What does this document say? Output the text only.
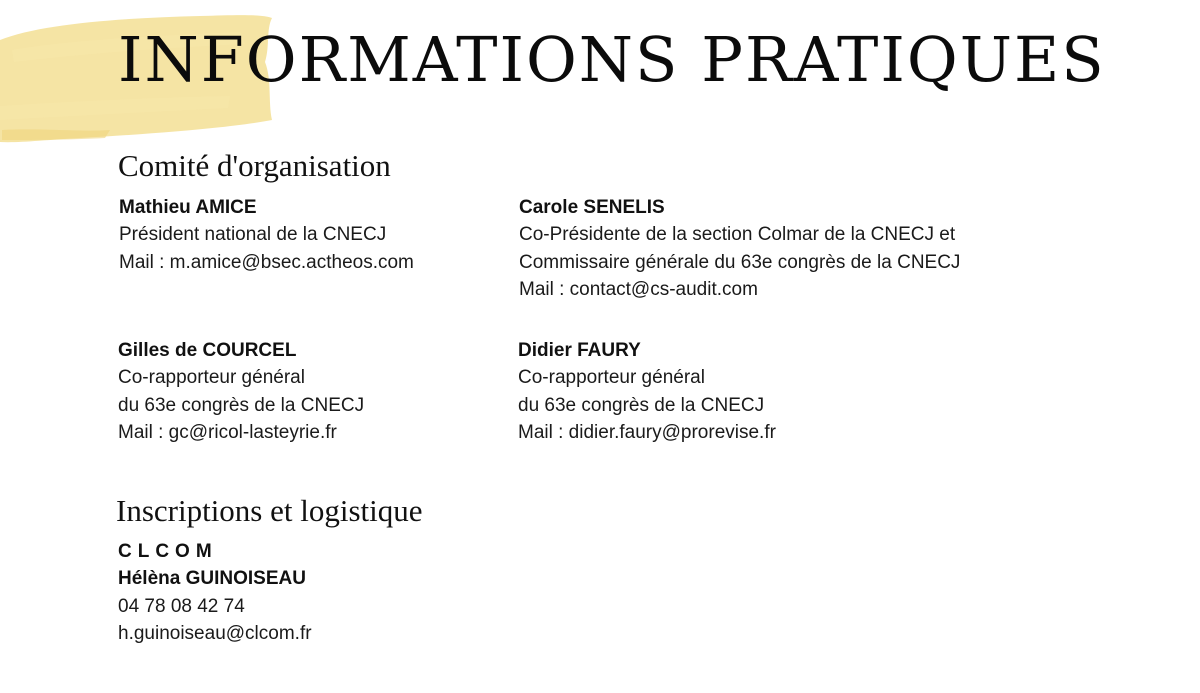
INFORMATIONS PRATIQUES
Comité d'organisation

Mathieu AMICE

Président national de la CNECJ

Mail : m.amice@bsec.actheos.com

Carole SENELIS

Co-Présidente de la section Colmar de la CNECJ et

Commissaire générale du 63e congrès de la CNECJ

Mail : contact@cs-audit.com

Gilles de COURCEL

Co-rapporteur général

du 63e congrès de la CNECJ

Mail : gc@ricol-lasteyrie.fr

Didier FAURY

Co-rapporteur général

du 63e congrès de la CNECJ

Mail : didier.faury@prorevise.fr

Inscriptions et logistique

CLCOM

Hélèna GUINOISEAU

04 78 08 42 74

h.guinoiseau@clcom.fr
